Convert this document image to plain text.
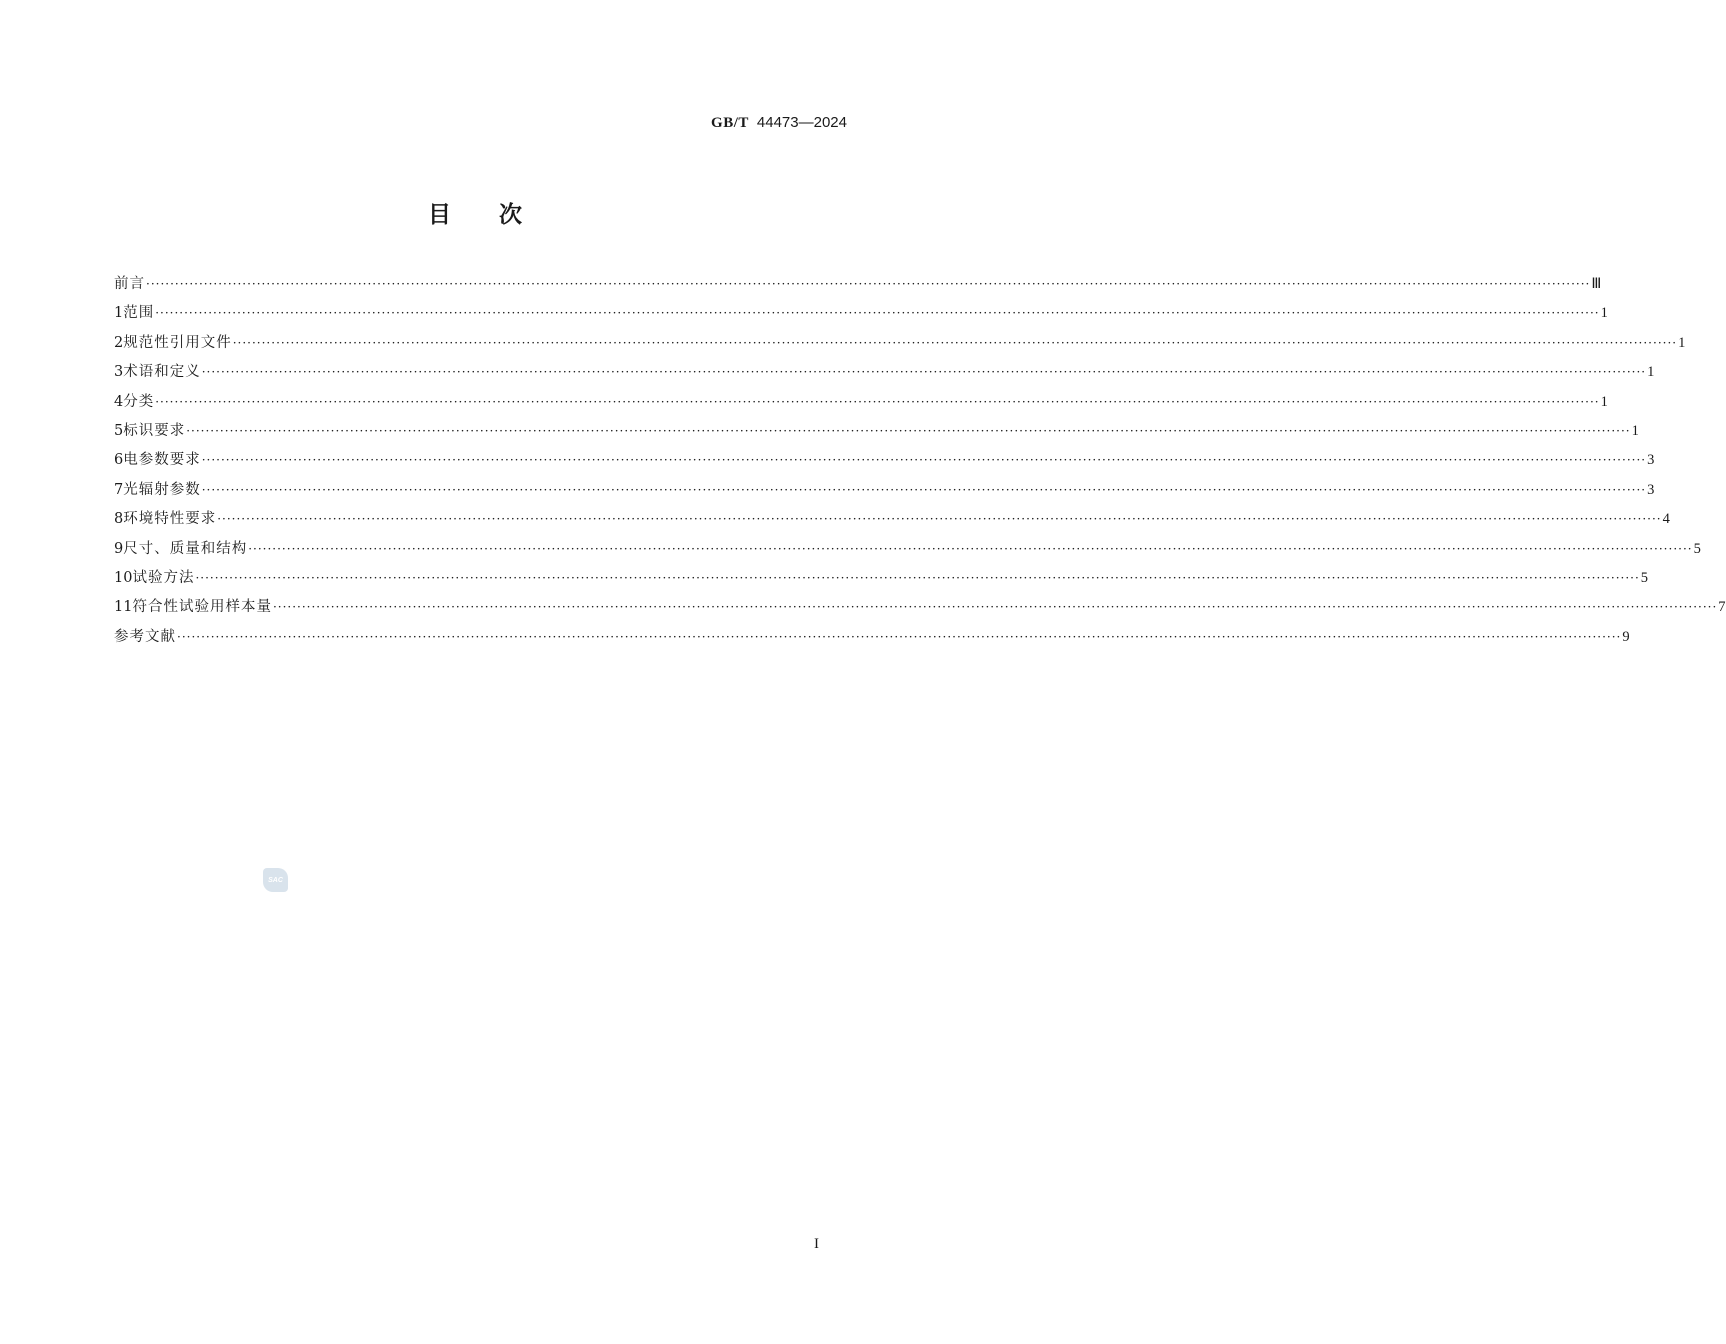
GB/T 44473—2024
目次
前言 ············································································································································································································································································································ Ⅲ
1 范围 ············································································································································································································································································································ 1
2 规范性引用文件 ············································································································································································································································································································ 1
3 术语和定义 ············································································································································································································································································································ 1
4 分类 ············································································································································································································································································································ 1
5 标识要求 ············································································································································································································································································································ 1
6 电参数要求 ············································································································································································································································································································ 3
7 光辐射参数 ············································································································································································································································································································ 3
8 环境特性要求 ············································································································································································································································································································ 4
9 尺寸、质量和结构 ············································································································································································································································································································ 5
10 试验方法 ············································································································································································································································································································ 5
11 符合性试验用样本量 ············································································································································································································································································································ 7
参考文献 ············································································································································································································································································································ 9
SAC
I
